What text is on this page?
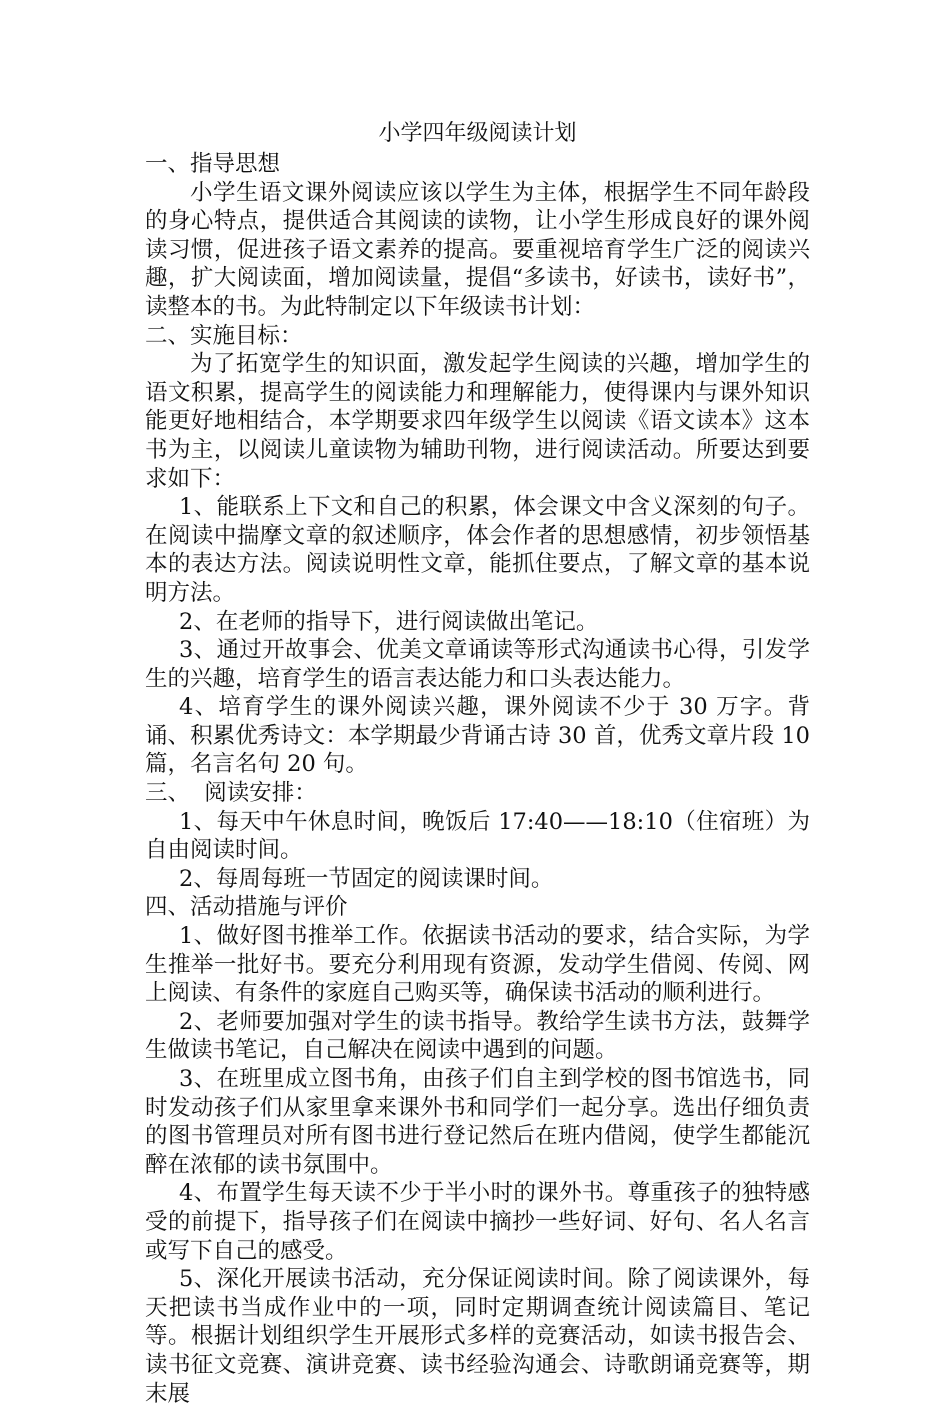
小学四年级阅读计划
一、指导思想
小学生语文课外阅读应该以学生为主体，根据学生不同年龄段的身心特点，提供适合其阅读的读物，让小学生形成良好的课外阅读习惯，促进孩子语文素养的提高。要重视培育学生广泛的阅读兴趣，扩大阅读面，增加阅读量，提倡“多读书，好读书，读好书”，读整本的书。为此特制定以下年级读书计划：
二、实施目标：
为了拓宽学生的知识面，激发起学生阅读的兴趣，增加学生的语文积累，提高学生的阅读能力和理解能力，使得课内与课外知识能更好地相结合，本学期要求四年级学生以阅读《语文读本》这本书为主，以阅读儿童读物为辅助刊物，进行阅读活动。所要达到要求如下：
1、能联系上下文和自己的积累，体会课文中含义深刻的句子。在阅读中揣摩文章的叙述顺序，体会作者的思想感情，初步领悟基本的表达方法。阅读说明性文章，能抓住要点，了解文章的基本说明方法。
2、在老师的指导下，进行阅读做出笔记。
3、通过开故事会、优美文章诵读等形式沟通读书心得，引发学生的兴趣，培育学生的语言表达能力和口头表达能力。
4、培育学生的课外阅读兴趣，课外阅读不少于 30 万字。背诵、积累优秀诗文：本学期最少背诵古诗 30 首，优秀文章片段 10 篇，名言名句 20 句。
三、  阅读安排：
1、每天中午休息时间，晚饭后 17:40——18:10（住宿班）为自由阅读时间。
2、每周每班一节固定的阅读课时间。
四、活动措施与评价
1、做好图书推举工作。依据读书活动的要求，结合实际，为学生推举一批好书。要充分利用现有资源，发动学生借阅、传阅、网上阅读、有条件的家庭自己购买等，确保读书活动的顺利进行。
2、老师要加强对学生的读书指导。教给学生读书方法，鼓舞学生做读书笔记，自己解决在阅读中遇到的问题。
3、在班里成立图书角，由孩子们自主到学校的图书馆选书，同时发动孩子们从家里拿来课外书和同学们一起分享。选出仔细负责的图书管理员对所有图书进行登记然后在班内借阅，使学生都能沉醉在浓郁的读书氛围中。
4、布置学生每天读不少于半小时的课外书。尊重孩子的独特感受的前提下，指导孩子们在阅读中摘抄一些好词、好句、名人名言或写下自己的感受。
5、深化开展读书活动，充分保证阅读时间。除了阅读课外，每天把读书当成作业中的一项，同时定期调查统计阅读篇目、笔记等。根据计划组织学生开展形式多样的竞赛活动，如读书报告会、读书征文竞赛、演讲竞赛、读书经验沟通会、诗歌朗诵竞赛等，期末展
